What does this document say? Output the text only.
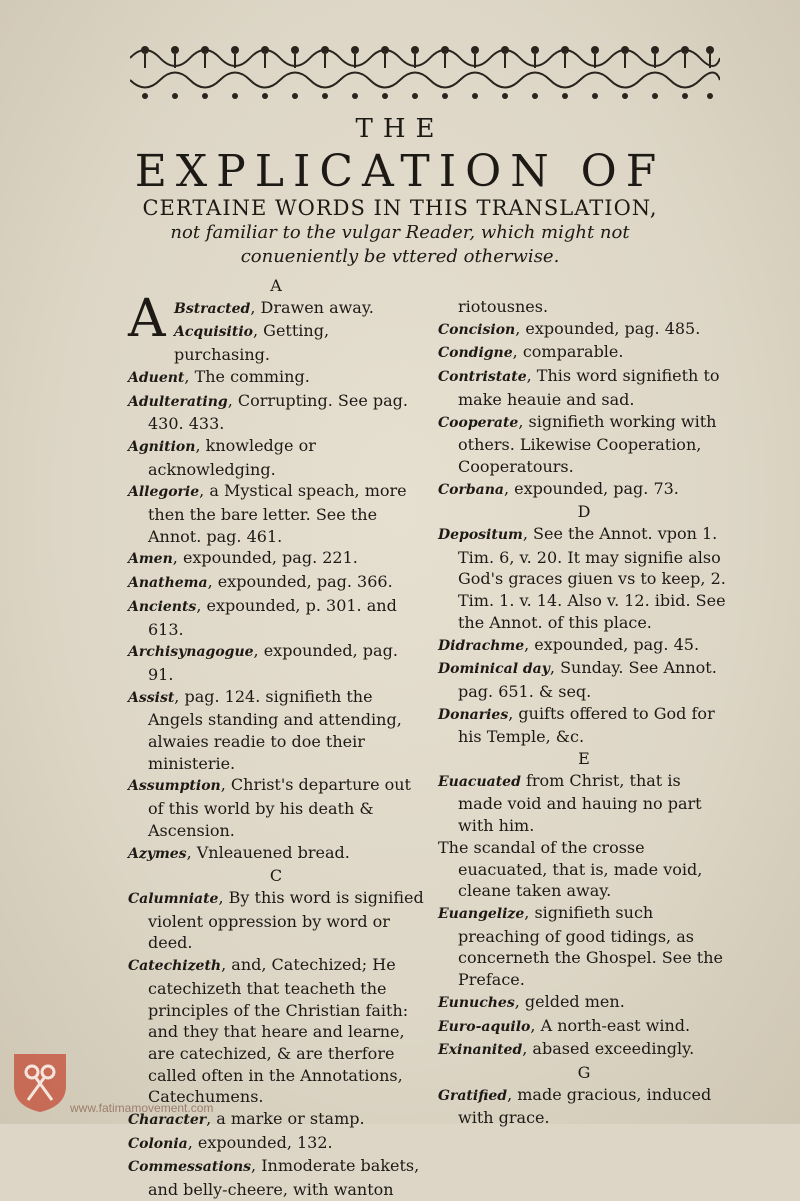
THE
EXPLICATION OF
CERTAINE WORDS IN THIS TRANSLATION,
not familiar to the vulgar Reader, which might not
conueniently be vttered otherwise.
A
A Bstracted, Drawen away.
Acquisitio, Getting, purchasing.
Aduent, The comming.
Adulterating, Corrupting. See pag. 430. 433.
Agnition, knowledge or acknowledging.
Allegorie, a Mystical speach, more then the bare letter. See the Annot. pag. 461.
Amen, expounded, pag. 221.
Anathema, expounded, pag. 366.
Ancients, expounded, p. 301. and 613.
Archisynagogue, expounded, pag. 91.
Assist, pag. 124. signifieth the Angels standing and attending, alwaies readie to doe their ministerie.
Assumption, Christ's departure out of this world by his death & Ascension.
Azymes, Vnleauened bread.
C
Calumniate, By this word is signified violent oppression by word or deed.
Catechizeth, and, Catechized; He catechizeth that teacheth the principles of the Christian faith: and they that heare and learne, are catechized, & are therfore called often in the Annotations, Catechumens.
Character, a marke or stamp.
Colonia, expounded, 132.
Commessations, Inmoderate bakets, and belly-cheere, with wanton
riotousnes.
Concision, expounded, pag. 485.
Condigne, comparable.
Contristate, This word signifieth to make heauie and sad.
Cooperate, signifieth working with others. Likewise Cooperation, Cooperatours.
Corbana, expounded, pag. 73.
D
Depositum, See the Annot. vpon 1. Tim. 6, v. 20. It may signifie also God's graces giuen vs to keep, 2. Tim. 1. v. 14. Also v. 12. ibid. See the Annot. of this place.
Didrachme, expounded, pag. 45.
Dominical day, Sunday. See Annot. pag. 651. & seq.
Donaries, guifts offered to God for his Temple, &c.
E
Euacuated from Christ, that is made void and hauing no part with him.
The scandal of the crosse euacuated, that is, made void, cleane taken away.
Euangelize, signifieth such preaching of good tidings, as concerneth the Ghospel. See the Preface.
Eunuches, gelded men.
Euro-aquilo, A north-east wind.
Exinanited, abased exceedingly.
G
Gratified, made gracious, induced with grace.
www.fatimamovement.com
